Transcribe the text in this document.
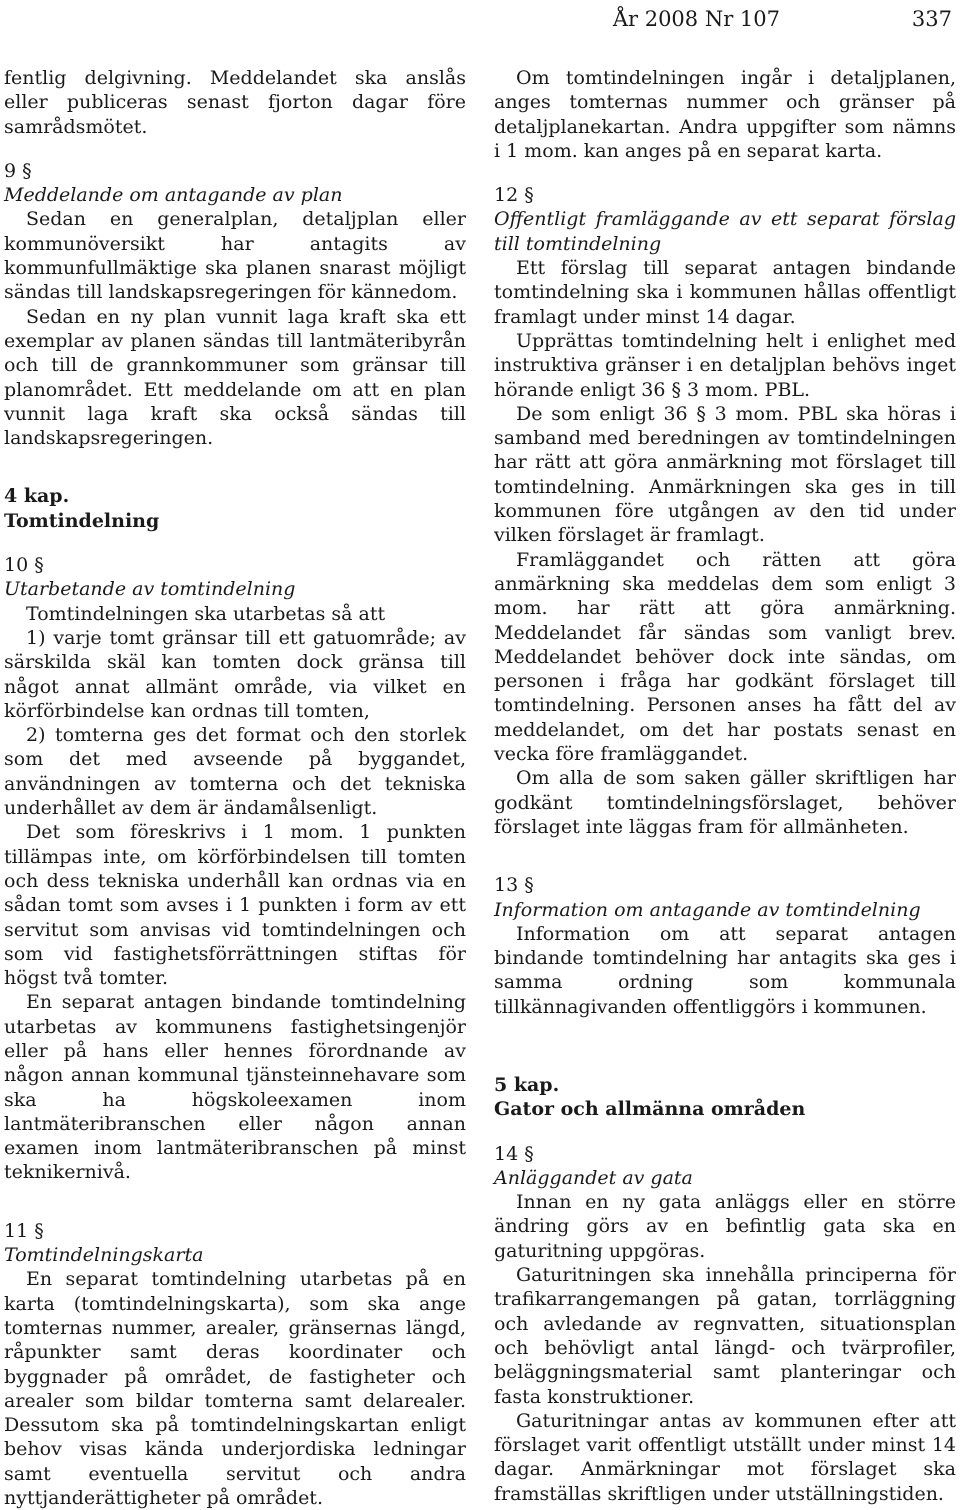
År 2008 Nr 107	337

fentlig delgivning. Meddelandet ska anslås eller publiceras senast fjorton dagar före samrådsmötet.

9 §

Meddelande om antagande av plan

Sedan en generalplan, detaljplan eller kommunöversikt har antagits av kommunfullmäktige ska planen snarast möjligt sändas till landskapsregeringen för kännedom.

Sedan en ny plan vunnit laga kraft ska ett exemplar av planen sändas till lantmäteribyrån och till de grannkommuner som gränsar till planområdet. Ett meddelande om att en plan vunnit laga kraft ska också sändas till landskapsregeringen.

4 kap.

Tomtindelning

10 §

Utarbetande av tomtindelning

Tomtindelningen ska utarbetas så att

1) varje tomt gränsar till ett gatuområde; av särskilda skäl kan tomten dock gränsa till något annat allmänt område, via vilket en körförbindelse kan ordnas till tomten,

2) tomterna ges det format och den storlek som det med avseende på byggandet, användningen av tomterna och det tekniska underhållet av dem är ändamålsenligt.

Det som föreskrivs i 1 mom. 1 punkten tillämpas inte, om körförbindelsen till tomten och dess tekniska underhåll kan ordnas via en sådan tomt som avses i 1 punkten i form av ett servitut som anvisas vid tomtindelningen och som vid fastighetsförrättningen stiftas för högst två tomter.

En separat antagen bindande tomtindelning utarbetas av kommunens fastighetsingenjör eller på hans eller hennes förordnande av någon annan kommunal tjänsteinnehavare som ska ha högskoleexamen inom lantmäteribranschen eller någon annan examen inom lantmäteribranschen på minst teknikernivå.

11 §

Tomtindelningskarta

En separat tomtindelning utarbetas på en karta (tomtindelningskarta), som ska ange tomternas nummer, arealer, gränsernas längd, råpunkter samt deras koordinater och byggnader på området, de fastigheter och arealer som bildar tomterna samt delarealer. Dessutom ska på tomtindelningskartan enligt behov visas kända underjordiska ledningar samt eventuella servitut och andra nyttjanderättigheter på området.

Om tomtindelningen ingår i detaljplanen, anges tomternas nummer och gränser på detaljplanekartan. Andra uppgifter som nämns i 1 mom. kan anges på en separat karta.

12 §

Offentligt framläggande av ett separat förslag till tomtindelning

Ett förslag till separat antagen bindande tomtindelning ska i kommunen hållas offentligt framlagt under minst 14 dagar.

Upprättas tomtindelning helt i enlighet med instruktiva gränser i en detaljplan behövs inget hörande enligt 36 § 3 mom. PBL.

De som enligt 36 § 3 mom. PBL ska höras i samband med beredningen av tomtindelningen har rätt att göra anmärkning mot förslaget till tomtindelning. Anmärkningen ska ges in till kommunen före utgången av den tid under vilken förslaget är framlagt.

Framläggandet och rätten att göra anmärkning ska meddelas dem som enligt 3 mom. har rätt att göra anmärkning. Meddelandet får sändas som vanligt brev. Meddelandet behöver dock inte sändas, om personen i fråga har godkänt förslaget till tomtindelning. Personen anses ha fått del av meddelandet, om det har postats senast en vecka före framläggandet.

Om alla de som saken gäller skriftligen har godkänt tomtindelningsförslaget, behöver förslaget inte läggas fram för allmänheten.

13 §

Information om antagande av tomtindelning

Information om att separat antagen bindande tomtindelning har antagits ska ges i samma ordning som kommunala tillkännagivanden offentliggörs i kommunen.

5 kap.

Gator och allmänna områden

14 §

Anläggandet av gata

Innan en ny gata anläggs eller en större ändring görs av en befintlig gata ska en gaturitning uppgöras.

Gaturitningen ska innehålla principerna för trafikarrangemangen på gatan, torrläggning och avledande av regnvatten, situationsplan och behövligt antal längd- och tvärprofiler, beläggningsmaterial samt planteringar och fasta konstruktioner.

Gaturitningar antas av kommunen efter att förslaget varit offentligt utställt under minst 14 dagar. Anmärkningar mot förslaget ska framställas skriftligen under utställningstiden.
